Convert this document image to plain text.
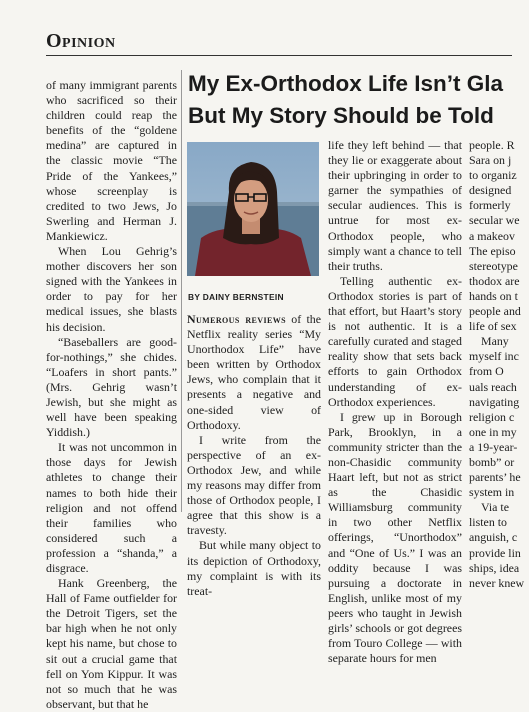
Opinion

of many immigrant parents who sacrificed so their children could reap the benefits of the “goldene medina” are captured in the classic movie “The Pride of the Yankees,” whose screenplay is credited to two Jews, Jo Swerling and Herman J. Mankiewicz.

When Lou Gehrig’s mother discovers her son signed with the Yankees in order to pay for her medical issues, she blasts his decision.

“Baseballers are good-for-nothings,” she chides. “Loafers in short pants.” (Mrs. Gehrig wasn’t Jewish, but she might as well have been speaking Yiddish.)

It was not uncommon in those days for Jewish athletes to change their names to both hide their religion and not offend their families who considered such a profession a “shanda,” a disgrace.

Hank Greenberg, the Hall of Fame outfielder for the Detroit Tigers, set the bar high when he not only kept his name, but chose to sit out a crucial game that fell on Yom Kippur. It was not so much that he was observant, but that he

My Ex-Orthodox Life Isn’t Gla
But My Story Should be Told
BY DAINY BERNSTEIN

Numerous reviews of the Netflix reality series “My Unorthodox Life” have been written by Orthodox Jews, who complain that it presents a negative and one-sided view of Orthodoxy.

I write from the perspective of an ex-Orthodox Jew, and while my reasons may differ from those of Orthodox people, I agree that this show is a travesty.

But while many object to its depiction of Orthodoxy, my complaint is with its treat-

life they left behind — that they lie or exaggerate about their upbringing in order to garner the sympathies of secular audiences. This is untrue for most ex-Orthodox people, who simply want a chance to tell their truths.

Telling authentic ex-Orthodox stories is part of that effort, but Haart’s story is not authentic. It is a carefully curated and staged reality show that sets back efforts to gain Orthodox understanding of ex-Orthodox experiences.

I grew up in Borough Park, Brooklyn, in a community stricter than the non-Chasidic community Haart left, but not as strict as the Chasidic Williamsburg community in two other Netflix offerings, “Unorthodox” and “One of Us.” I was an oddity because I was pursuing a doctorate in English, unlike most of my peers who taught in Jewish girls’ schools or got degrees from Touro College — with separate hours for men

people. R
Sara on j
to organiz
designed
formerly
secular we
a makeov
The episo
stereotype
thodox are
hands on t
people and
life of sex
Many
myself inc
from O
uals reach
navigating
religion c
one in my
a 19-year-
bomb” or
parents’ he
system in
Via te
listen to
anguish, c
provide lin
ships, idea
never knew
